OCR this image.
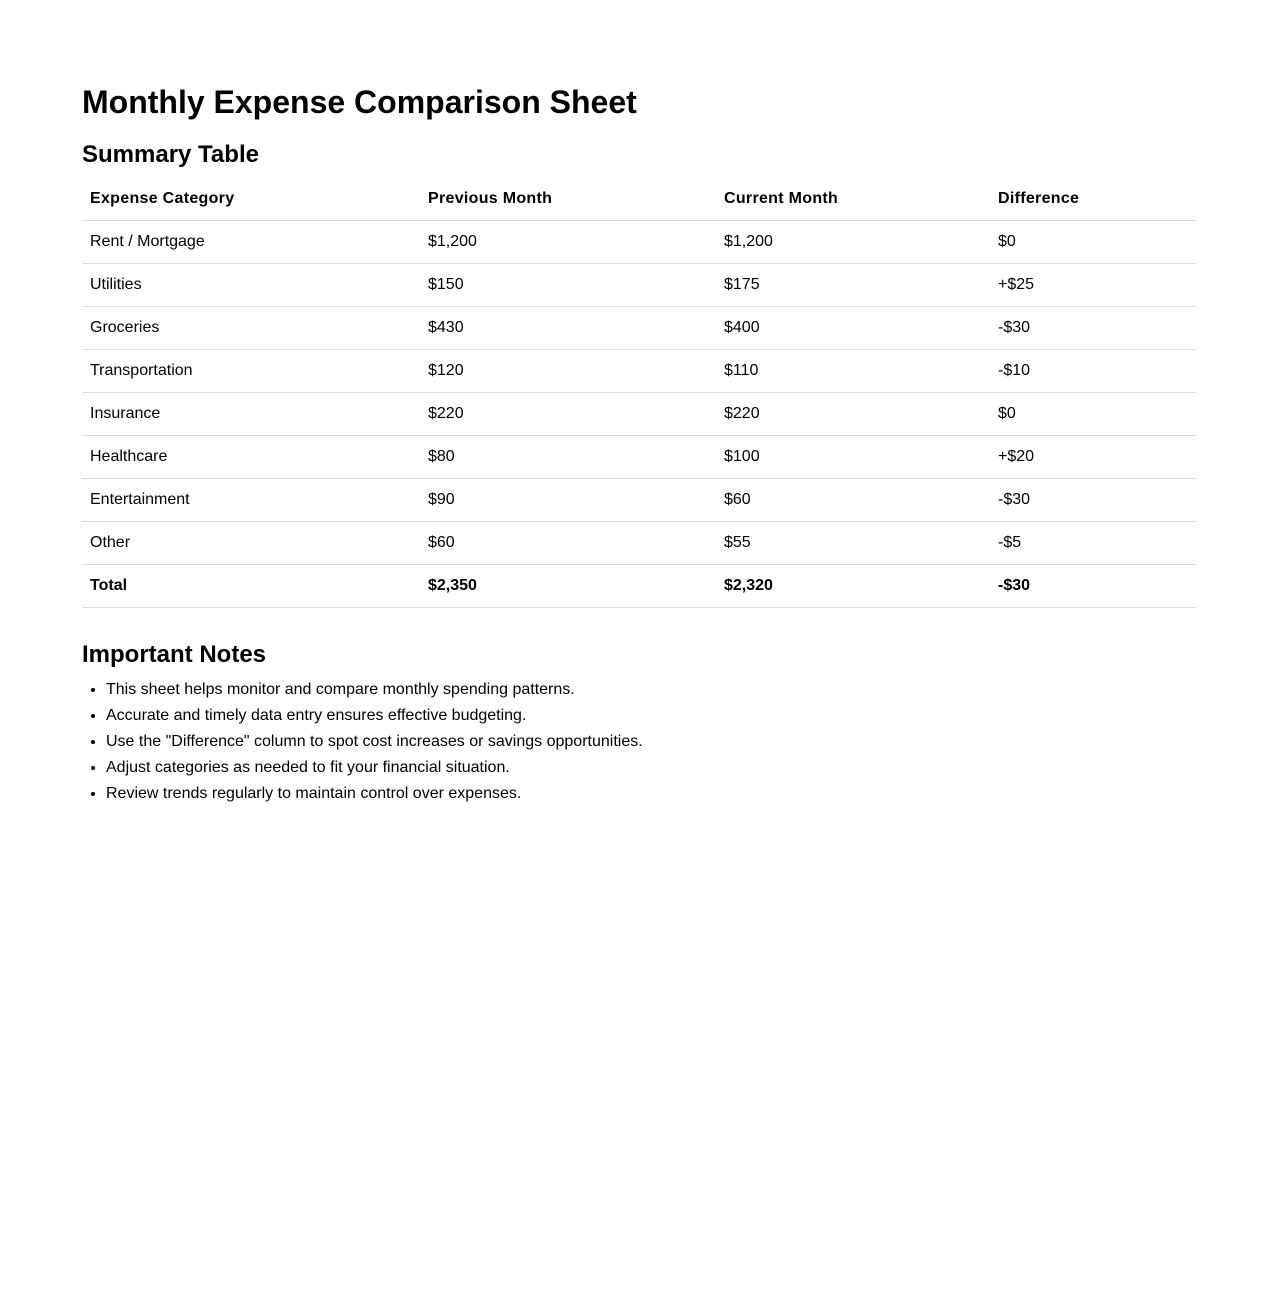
Monthly Expense Comparison Sheet
Summary Table
Expense Category	Previous Month	Current Month	Difference
Rent / Mortgage	$1,200	$1,200	$0
Utilities	$150	$175	+$25
Groceries	$430	$400	-$30
Transportation	$120	$110	-$10
Insurance	$220	$220	$0
Healthcare	$80	$100	+$20
Entertainment	$90	$60	-$30
Other	$60	$55	-$5
Total	$2,350	$2,320	-$30
Important Notes
• This sheet helps monitor and compare monthly spending patterns.
• Accurate and timely data entry ensures effective budgeting.
• Use the "Difference" column to spot cost increases or savings opportunities.
• Adjust categories as needed to fit your financial situation.
• Review trends regularly to maintain control over expenses.
